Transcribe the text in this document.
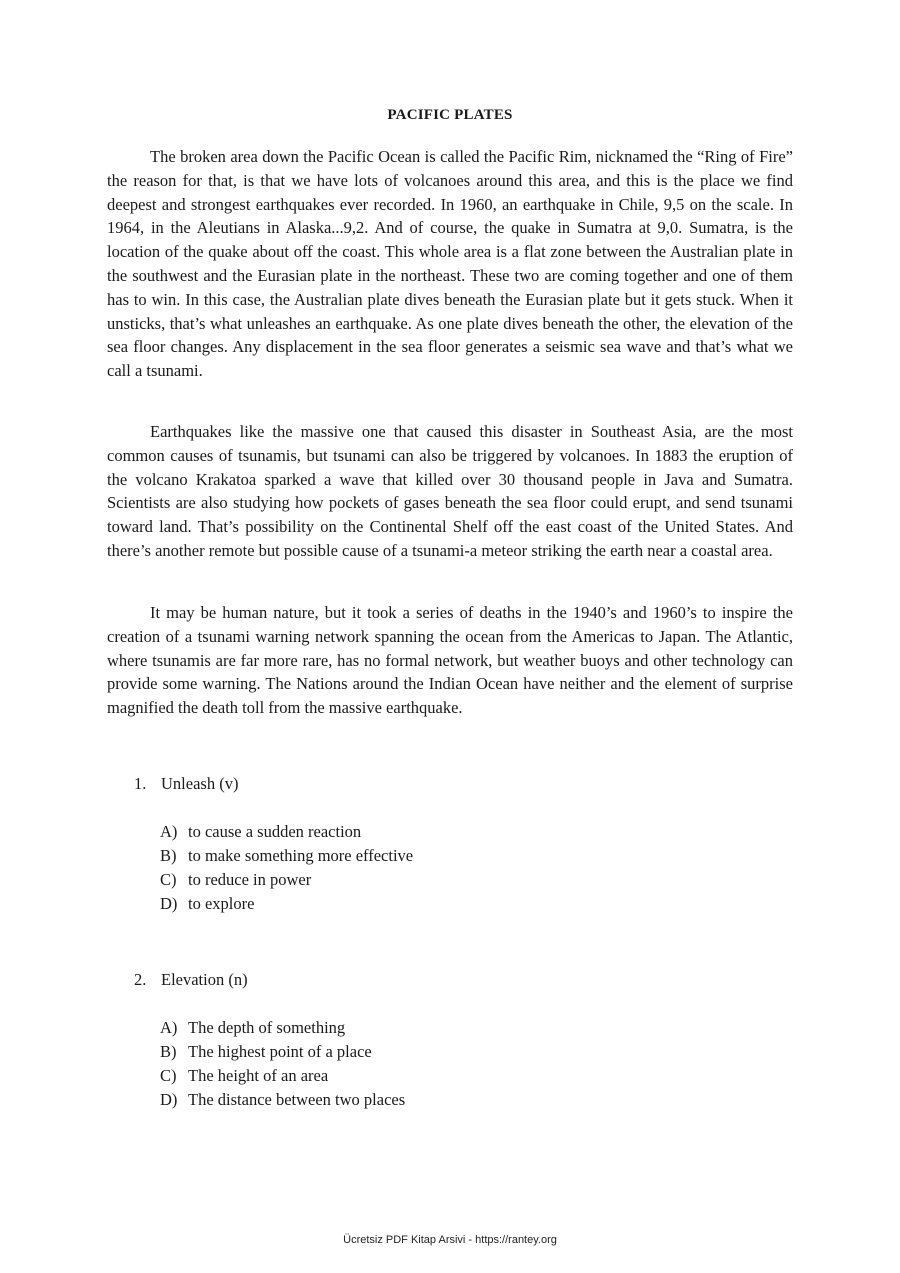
PACIFIC PLATES

The broken area down the Pacific Ocean is called the Pacific Rim, nicknamed the “Ring of Fire” the reason for that, is that we have lots of volcanoes around this area, and this is the place we find deepest and strongest earthquakes ever recorded. In 1960, an earthquake in Chile, 9,5 on the scale. In 1964, in the Aleutians in Alaska...9,2. And of course, the quake in Sumatra at 9,0. Sumatra, is the location of the quake about off the coast. This whole area is a flat zone between the Australian plate in the southwest and the Eurasian plate in the northeast. These two are coming together and one of them has to win. In this case, the Australian plate dives beneath the Eurasian plate but it gets stuck. When it unsticks, that’s what unleashes an earthquake. As one plate dives beneath the other, the elevation of the sea floor changes. Any displacement in the sea floor generates a seismic sea wave and that’s what we call a tsunami.

Earthquakes like the massive one that caused this disaster in Southeast Asia, are the most common causes of tsunamis, but tsunami can also be triggered by volcanoes. In 1883 the eruption of the volcano Krakatoa sparked a wave that killed over 30 thousand people in Java and Sumatra. Scientists are also studying how pockets of gases beneath the sea floor could erupt, and send tsunami toward land. That’s possibility on the Continental Shelf off the east coast of the United States. And there’s another remote but possible cause of a tsunami-a meteor striking the earth near a coastal area.

It may be human nature, but it took a series of deaths in the 1940’s and 1960’s to inspire the creation of a tsunami warning network spanning the ocean from the Americas to Japan. The Atlantic, where tsunamis are far more rare, has no formal network, but weather buoys and other technology can provide some warning. The Nations around the Indian Ocean have neither and the element of surprise magnified the death toll from the massive earthquake.

1. Unleash (v)
A) to cause a sudden reaction
B) to make something more effective
C) to reduce in power
D) to explore
2. Elevation (n)
A) The depth of something
B) The highest point of a place
C) The height of an area
D) The distance between two places
Ücretsiz PDF Kitap Arsivi - https://rantey.org
